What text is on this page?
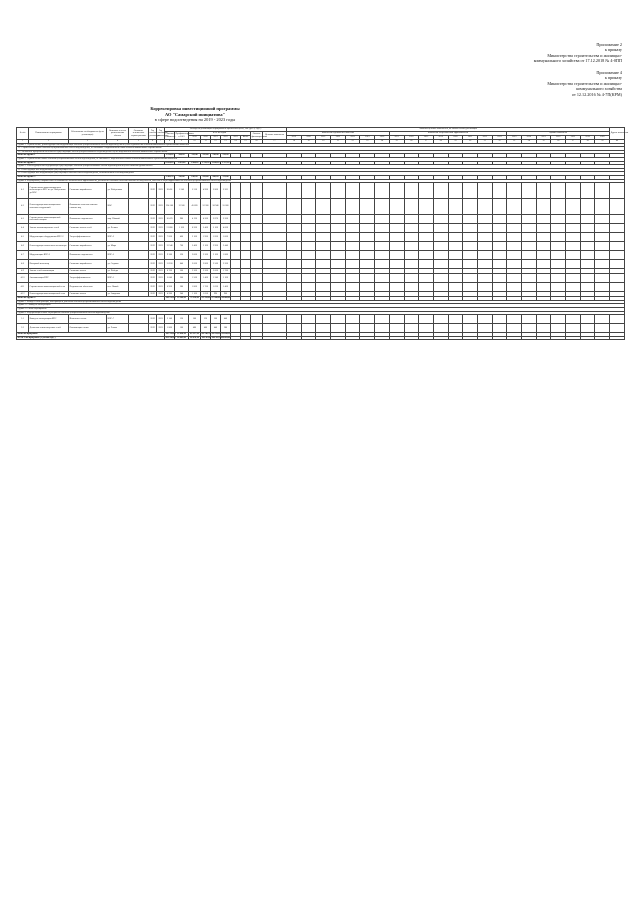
Приложение 2
к приказу
Министерства строительства и жилищно-
коммунального хозяйства от 17.12.2018 № 4-0ПП
Приложение 4
к приказу
Министерства строительства и жилищно-
коммунального хозяйства
от 12.12.2016 № 4-7П(КРМ)
Корректировка инвестиционной программы
АО "Самарский инициатива"
в сфере водоотведения на 2019 - 2023 годы
№ п/п	Наименование мероприятия	Обоснование необходимости (цель реализации)	Описание и место расположения объекта	Основные технические характеристики	Год начала реализации	Год окончания реализации	Расходы на реализацию мероприятия в прогнозных ценах, тыс. руб. (с НДС)										Значения целевых показателей, на начало и конец реализации																						Другие показатели
							Сметная стоимость	Профинансировано к 2019	в т.ч. по годам						Остаток финансирования	Целевые показатели	показатели надежности и качества							показатели энергетической эффективности								прочие показатели							
									2019	2020	2021	2022	2023	Итого			2019	2020	2021	2022	2023	2019	2020	2021	2022	2023	2019	2020	2021	2022	2023	2019	2020	2021	2022	2023	2019	2020	
1	2	3	4	5	6	7	8	9	10	11	12	13	14	15	16	17	18	19	20	21	22	23	24	25	26	27	28	29	30	31	32	33	34	35	36	37	38	39	40
Группа 1. Строительство, реконструкция или модернизация объектов централизованной системы водоотведения в целях подключения объектов капитального строительства абонентов																																							
1.1. Строительство новых объектов централизованных систем водоотведения, не связанных с подключением новых объектов капитального строительства																																							
1.2. Увеличение пропускной способности существующих систем централизованного водоотведения в целях подключения объектов капитального строительства																																							
Итого по группе 1							1 254,20	284,10	312,40	225,60	218,90	213,20																											
Группа 2. Строительство новых объектов централизованных систем водоотведения, не связанных с подключением новых объектов капитального строительства абонентов																																							
Итого по группе 2							8 624,10	1 812,00	1 904,30	1 720,50	1 630,10	1 557,20																											
Группа 3. Реконструкция или модернизация существующих объектов централизованных систем водоотведения в целях снижения уровня износа																																							
3.1. Реконструкция или модернизация существующих сетей																																							
3.2. Реконструкция или модернизация существующих объектов систем водоотведения, за исключением сетей водоотведения																																							
Итого по группе 3							2 410,70	520,00	610,20	470,60	430,10	379,80																											
Группа 4. Мероприятия, направленные на повышение экологической эффективности, достижение плановых значений показателей надежности, качества и энергоэффективности объектов централизованных систем водоотведения																																							
4.1	Строительство канализационного коллектора от КНС по ул. Набережная до КОС	Снижение аварийности	ул. Набережная		2019	2023	18 451	1 240	5 310	4 900	3 800	3 201																											
4.2	Реконструкция канализационных очистных сооружений	Повышение качества очистки сточных вод	КОС		2019	2023	224 560	12 500	45 820	52 300	58 940	55 000																											
4.3	Строительство канализационной насосной станции	Повышение надежности	мкр. Южный		2019	2023	16 470	980	4 120	4 300	3 870	3 200																											
4.4	Замена канализационных сетей	Снижение износа сетей	ул. Ленина		2019	2023	21 800	1 100	6 200	5 400	5 100	4 000																											
4.5	Модернизация оборудования КНС-2	Энергоэффективность	КНС-2		2019	2023	7 820	400	2 100	1 900	1 820	1 600																											
4.6	Реконструкция самотечного коллектора	Снижение аварийности	ул. Мира		2019	2023	12 540	700	3 400	3 100	2 900	2 440																											
4.7	Модернизация КНС-5	Повышение надежности	КНС-5		2019	2023	9 380	520	2 600	2 300	2 100	1 860																											
4.8	Напорный коллектор	Снижение аварийности	ул. Садовая		2019	2023	11 200	640	3 000	2 800	2 560	2 200																											
4.9	Замена сетей канализации	Снижение износа	ул. Победы		2019	2023	8 760	500	2 300	2 200	2 000	1 760																											
4.10	Автоматизация КНС	Энергоэффективность	КНС-1		2019	2023	5 640	300	1 500	1 400	1 340	1 100																											
4.11	Строительство канализационной сети	Подключение абонентов	пос. Новый		2019	2023	6 900	380	1 800	1 700	1 620	1 400																											
4.12	Реконструкция канализационной сети	Снижение износа	ул. Заводская		2019	2023	4 280	240	1 100	1 050	990	900																											
Итого по группе 4							349 250,00	19 200,00	79 250,00	83 350,00	87 040,00	80 660,00																											
Группа 5. Вывод из эксплуатации, консервация и демонтаж объектов централизованных систем водоотведения																																							
Группа 5.1. Вывод из эксплуатации																																							
Группа 5.2. Иные мероприятия																																							
Группа 6. Модернизация и иные мероприятия объектов централизованной системы водоотведения																																							
5.1	Вывод из эксплуатации КНС	Изменение схемы	КНС-7		2019	2023	2 140	120	560	520	500	440																											
5.2	Демонтаж неиспользуемых сетей	Оптимизация схемы	ул. Речная		2019	2023	1 860	100	480	460	440	380																											
Итого по программе							365 539,00	22 036,10	83 117,10	86 746,70	90 259,10	83 630,20																											
ИТОГО по программе (с учетом НДС)							431 336,02	26 002,60	98 078,18	102 361,11	106 505,74	98 683,64																											
